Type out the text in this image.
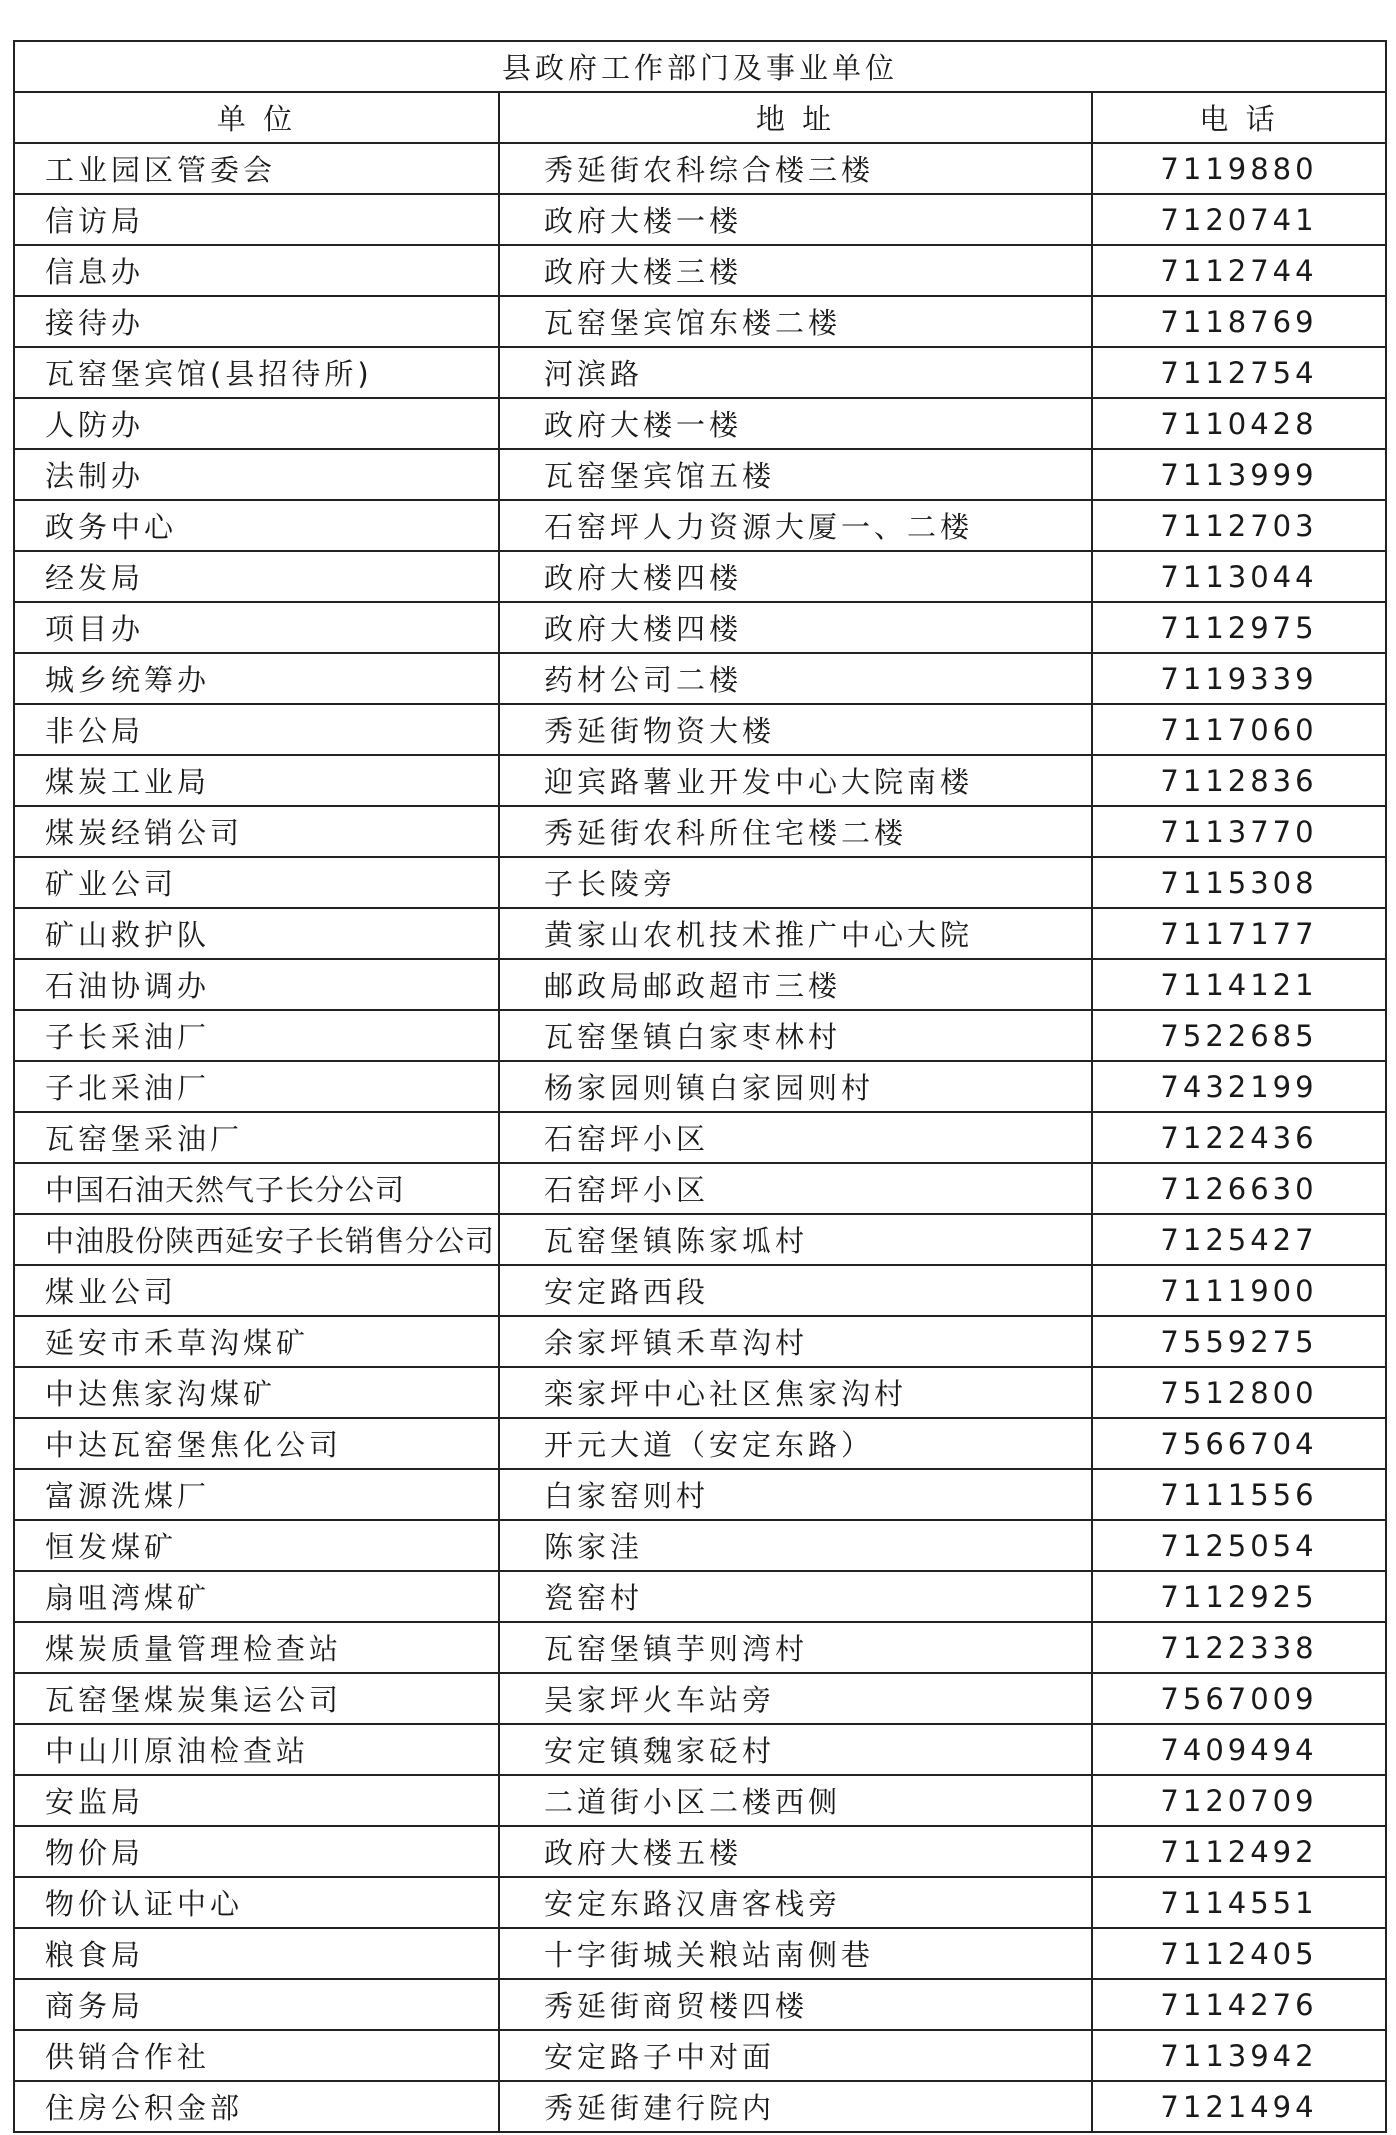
县政府工作部门及事业单位		
单 位	地 址	电 话
工业园区管委会	秀延街农科综合楼三楼	7119880
信访局	政府大楼一楼	7120741
信息办	政府大楼三楼	7112744
接待办	瓦窑堡宾馆东楼二楼	7118769
瓦窑堡宾馆(县招待所)	河滨路	7112754
人防办	政府大楼一楼	7110428
法制办	瓦窑堡宾馆五楼	7113999
政务中心	石窑坪人力资源大厦一、二楼	7112703
经发局	政府大楼四楼	7113044
项目办	政府大楼四楼	7112975
城乡统筹办	药材公司二楼	7119339
非公局	秀延街物资大楼	7117060
煤炭工业局	迎宾路薯业开发中心大院南楼	7112836
煤炭经销公司	秀延街农科所住宅楼二楼	7113770
矿业公司	子长陵旁	7115308
矿山救护队	黄家山农机技术推广中心大院	7117177
石油协调办	邮政局邮政超市三楼	7114121
子长采油厂	瓦窑堡镇白家枣林村	7522685
子北采油厂	杨家园则镇白家园则村	7432199
瓦窑堡采油厂	石窑坪小区	7122436
中国石油天然气子长分公司	石窑坪小区	7126630
中油股份陕西延安子长销售分公司	瓦窑堡镇陈家坬村	7125427
煤业公司	安定路西段	7111900
延安市禾草沟煤矿	余家坪镇禾草沟村	7559275
中达焦家沟煤矿	栾家坪中心社区焦家沟村	7512800
中达瓦窑堡焦化公司	开元大道（安定东路）	7566704
富源洗煤厂	白家窑则村	7111556
恒发煤矿	陈家洼	7125054
扇咀湾煤矿	瓷窑村	7112925
煤炭质量管理检查站	瓦窑堡镇芋则湾村	7122338
瓦窑堡煤炭集运公司	吴家坪火车站旁	7567009
中山川原油检查站	安定镇魏家砭村	7409494
安监局	二道街小区二楼西侧	7120709
物价局	政府大楼五楼	7112492
物价认证中心	安定东路汉唐客栈旁	7114551
粮食局	十字街城关粮站南侧巷	7112405
商务局	秀延街商贸楼四楼	7114276
供销合作社	安定路子中对面	7113942
住房公积金部	秀延街建行院内	7121494
